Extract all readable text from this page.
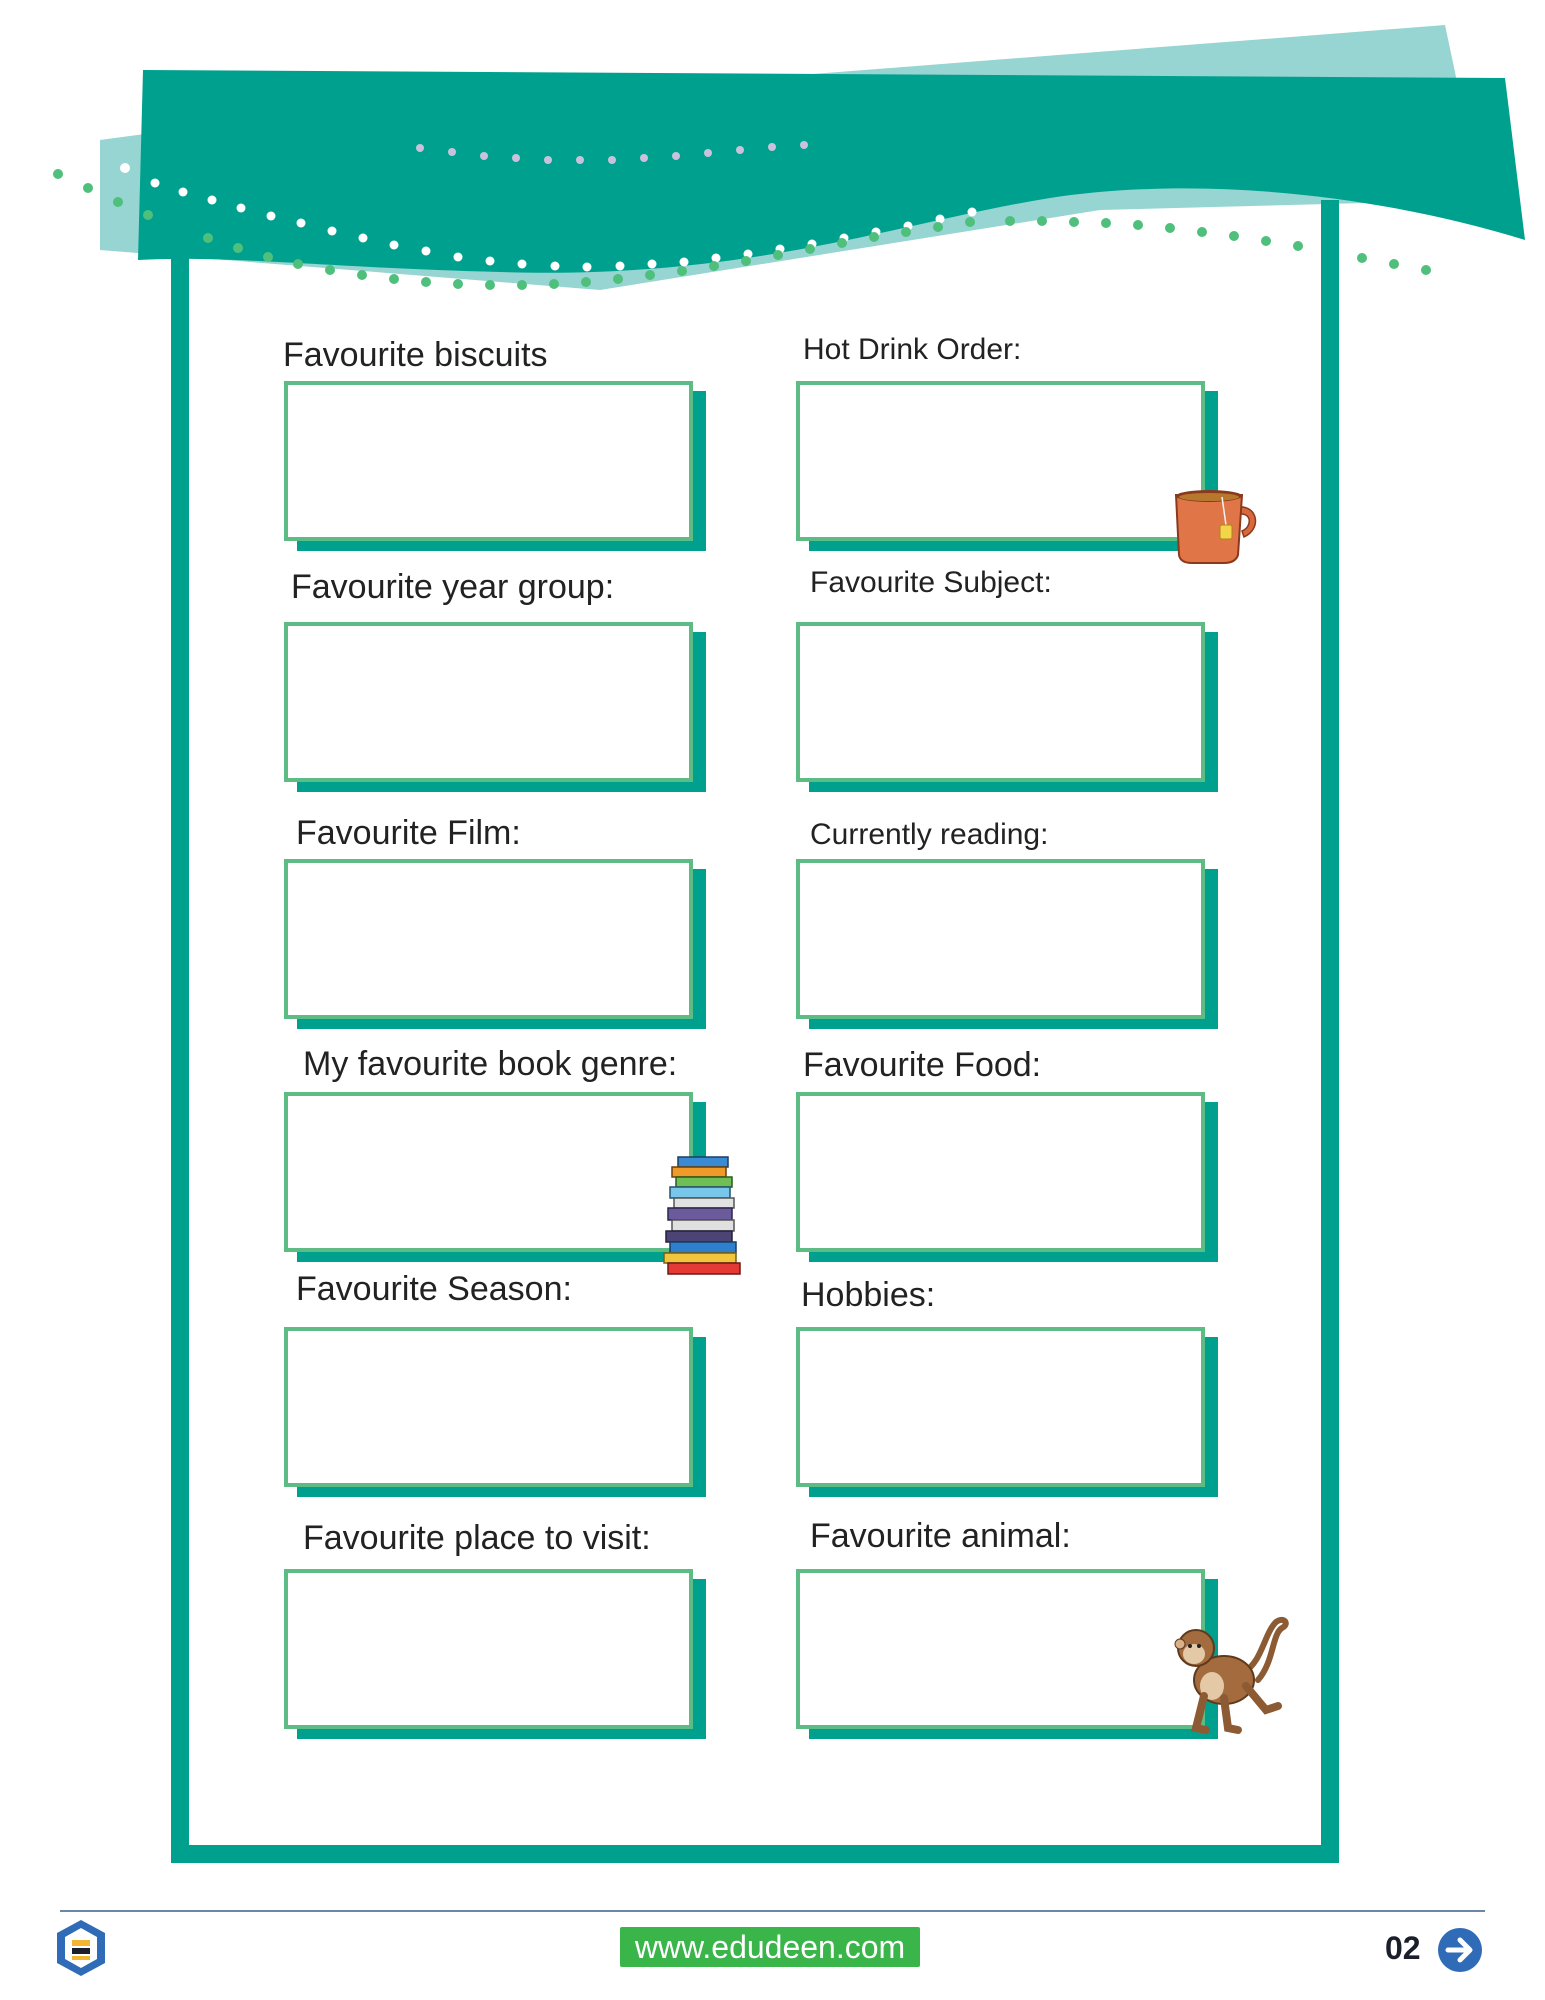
Favourite biscuits
Favourite year group:
Favourite Film:
My favourite book genre:
Favourite Season:
Favourite place to visit:
Hot Drink Order:
Favourite Subject:
Currently reading:
Favourite Food:
Hobbies:
Favourite animal:
www.edudeen.com	02
